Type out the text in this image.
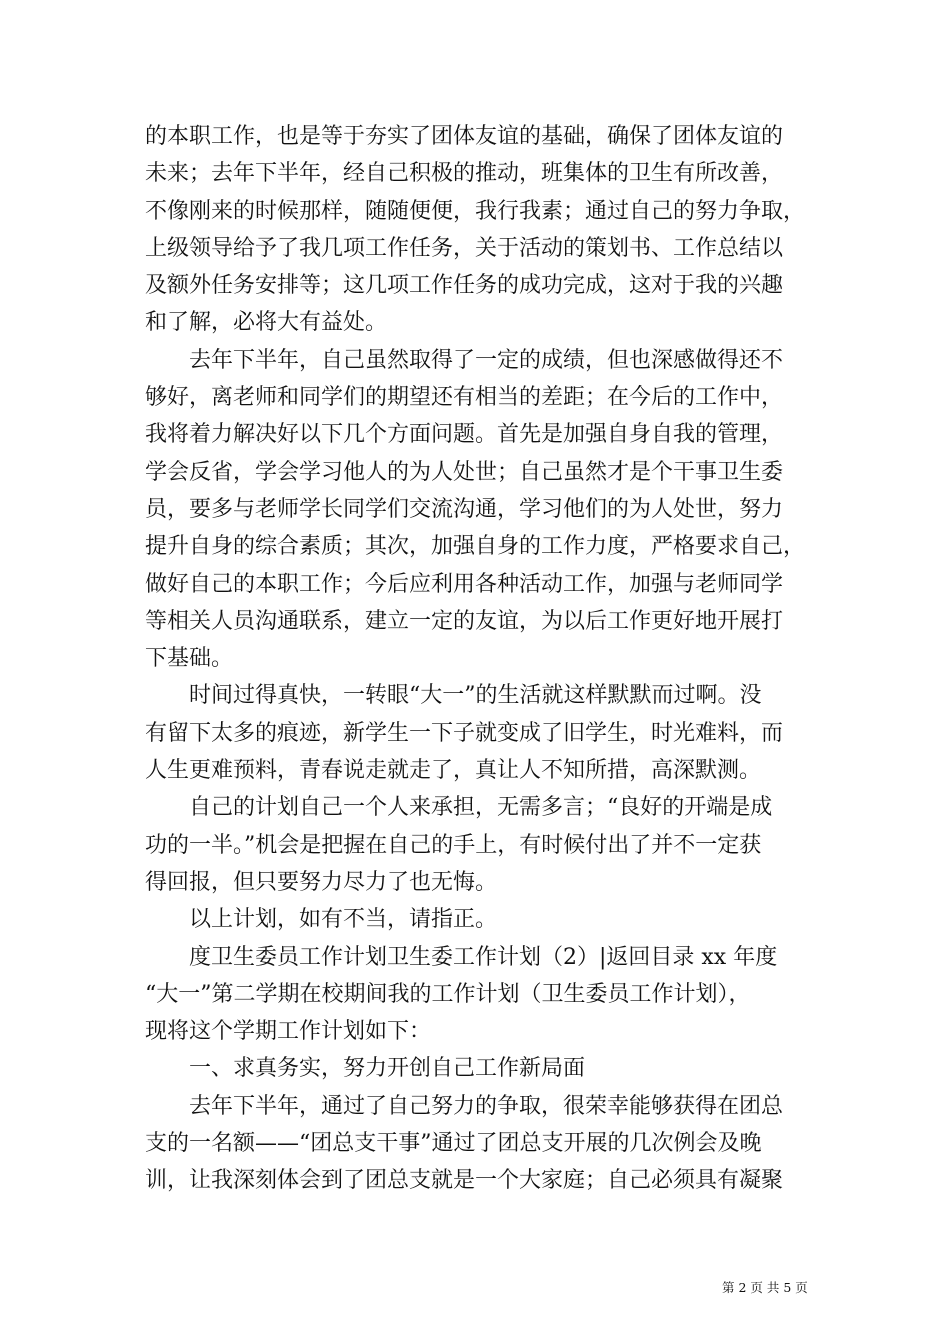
的本职工作，也是等于夯实了团体友谊的基础，确保了团体友谊的
未来；去年下半年，经自己积极的推动，班集体的卫生有所改善，
不像刚来的时候那样，随随便便，我行我素；通过自己的努力争取，
上级领导给予了我几项工作任务，关于活动的策划书、工作总结以
及额外任务安排等；这几项工作任务的成功完成，这对于我的兴趣
和了解，必将大有益处。
去年下半年，自己虽然取得了一定的成绩，但也深感做得还不
够好，离老师和同学们的期望还有相当的差距；在今后的工作中，
我将着力解决好以下几个方面问题。首先是加强自身自我的管理，
学会反省，学会学习他人的为人处世；自己虽然才是个干事卫生委
员，要多与老师学长同学们交流沟通，学习他们的为人处世，努力
提升自身的综合素质；其次，加强自身的工作力度，严格要求自己，
做好自己的本职工作；今后应利用各种活动工作，加强与老师同学
等相关人员沟通联系，建立一定的友谊，为以后工作更好地开展打
下基础。
时间过得真快，一转眼“大一”的生活就这样默默而过啊。没
有留下太多的痕迹，新学生一下子就变成了旧学生，时光难料，而
人生更难预料，青春说走就走了，真让人不知所措，高深默测。
自己的计划自己一个人来承担，无需多言；“良好的开端是成
功的一半。”机会是把握在自己的手上，有时候付出了并不一定获
得回报，但只要努力尽力了也无悔。
以上计划，如有不当，请指正。
度卫生委员工作计划卫生委工作计划（2）|返回目录 xx 年度
“大一”第二学期在校期间我的工作计划（卫生委员工作计划），
现将这个学期工作计划如下：
一、求真务实，努力开创自己工作新局面
去年下半年，通过了自己努力的争取，很荣幸能够获得在团总
支的一名额——“团总支干事”通过了团总支开展的几次例会及晚
训，让我深刻体会到了团总支就是一个大家庭；自己必须具有凝聚
第 2 页 共 5 页
